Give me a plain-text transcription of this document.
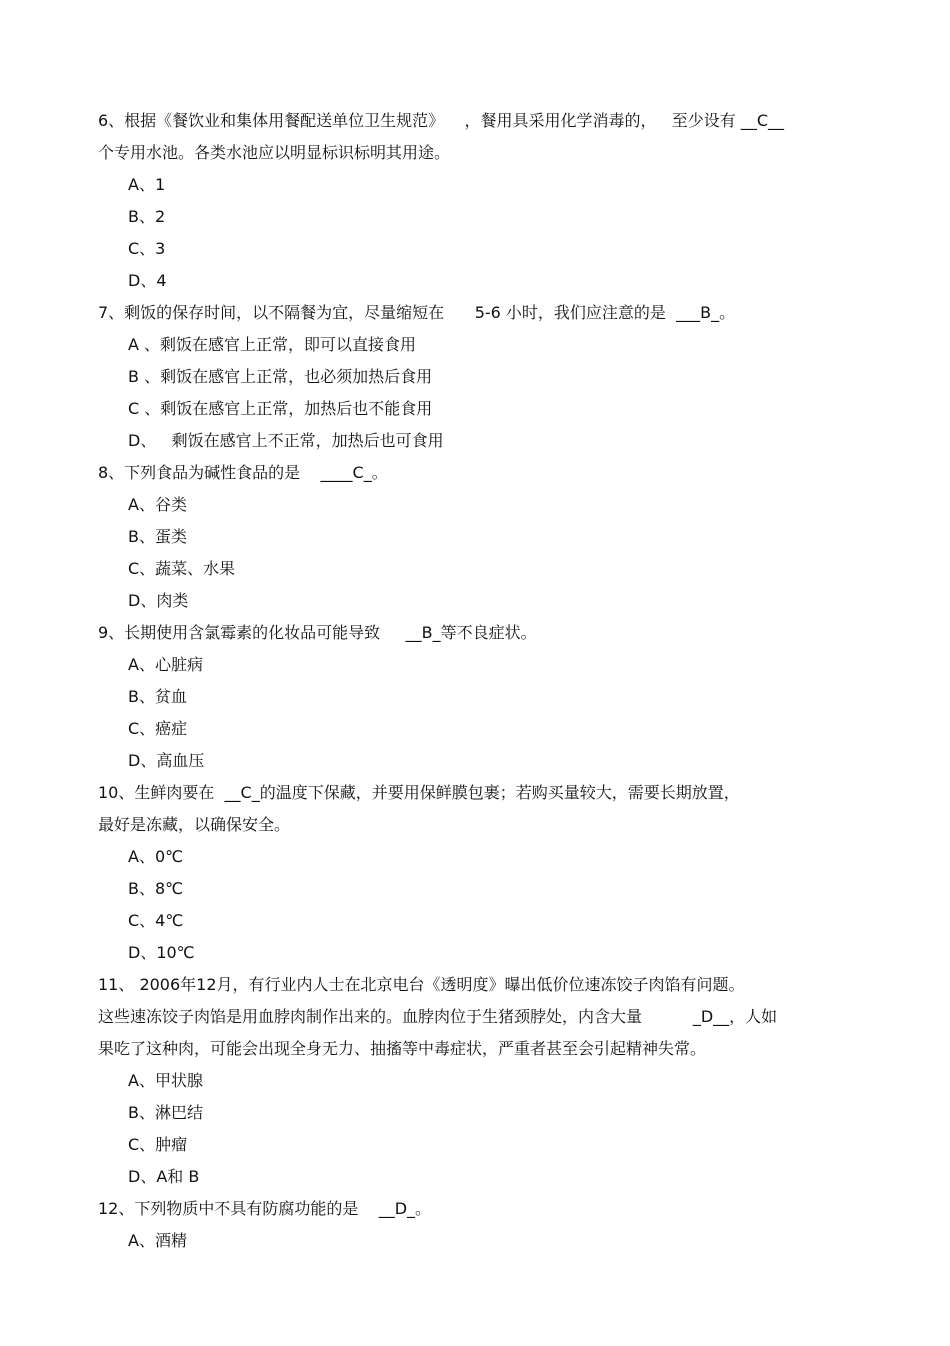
6、根据《餐饮业和集体用餐配送单位卫生规范》    ，餐用具采用化学消毒的，   至少设有 __C__
个专用水池。各类水池应以明显标识标明其用途。
A、1
B、2
C、3
D、4
7、剩饭的保存时间，以不隔餐为宜，尽量缩短在      5-6 小时，我们应注意的是  ___B_。
A 、剩饭在感官上正常，即可以直接食用
B 、剩饭在感官上正常，也必须加热后食用
C 、剩饭在感官上正常，加热后也不能食用
D、   剩饭在感官上不正常，加热后也可食用
8、下列食品为碱性食品的是    ____C_。
A、谷类
B、蛋类
C、蔬菜、水果
D、肉类
9、长期使用含氯霉素的化妆品可能导致     __B_等不良症状。
A、心脏病
B、贫血
C、癌症
D、高血压
10、生鲜肉要在  __C_的温度下保藏，并要用保鲜膜包裹；若购买量较大，需要长期放置，
最好是冻藏，以确保安全。
A、0℃
B、8℃
C、4℃
D、10℃
11、 2006年12月，有行业内人士在北京电台《透明度》曝出低价位速冻饺子肉馅有问题。
这些速冻饺子肉馅是用血脖肉制作出来的。血脖肉位于生猪颈脖处，内含大量          _D__，人如
果吃了这种肉，可能会出现全身无力、抽搐等中毒症状，严重者甚至会引起精神失常。
A、甲状腺
B、淋巴结
C、肿瘤
D、A和 B
12、下列物质中不具有防腐功能的是    __D_。
A、酒精
